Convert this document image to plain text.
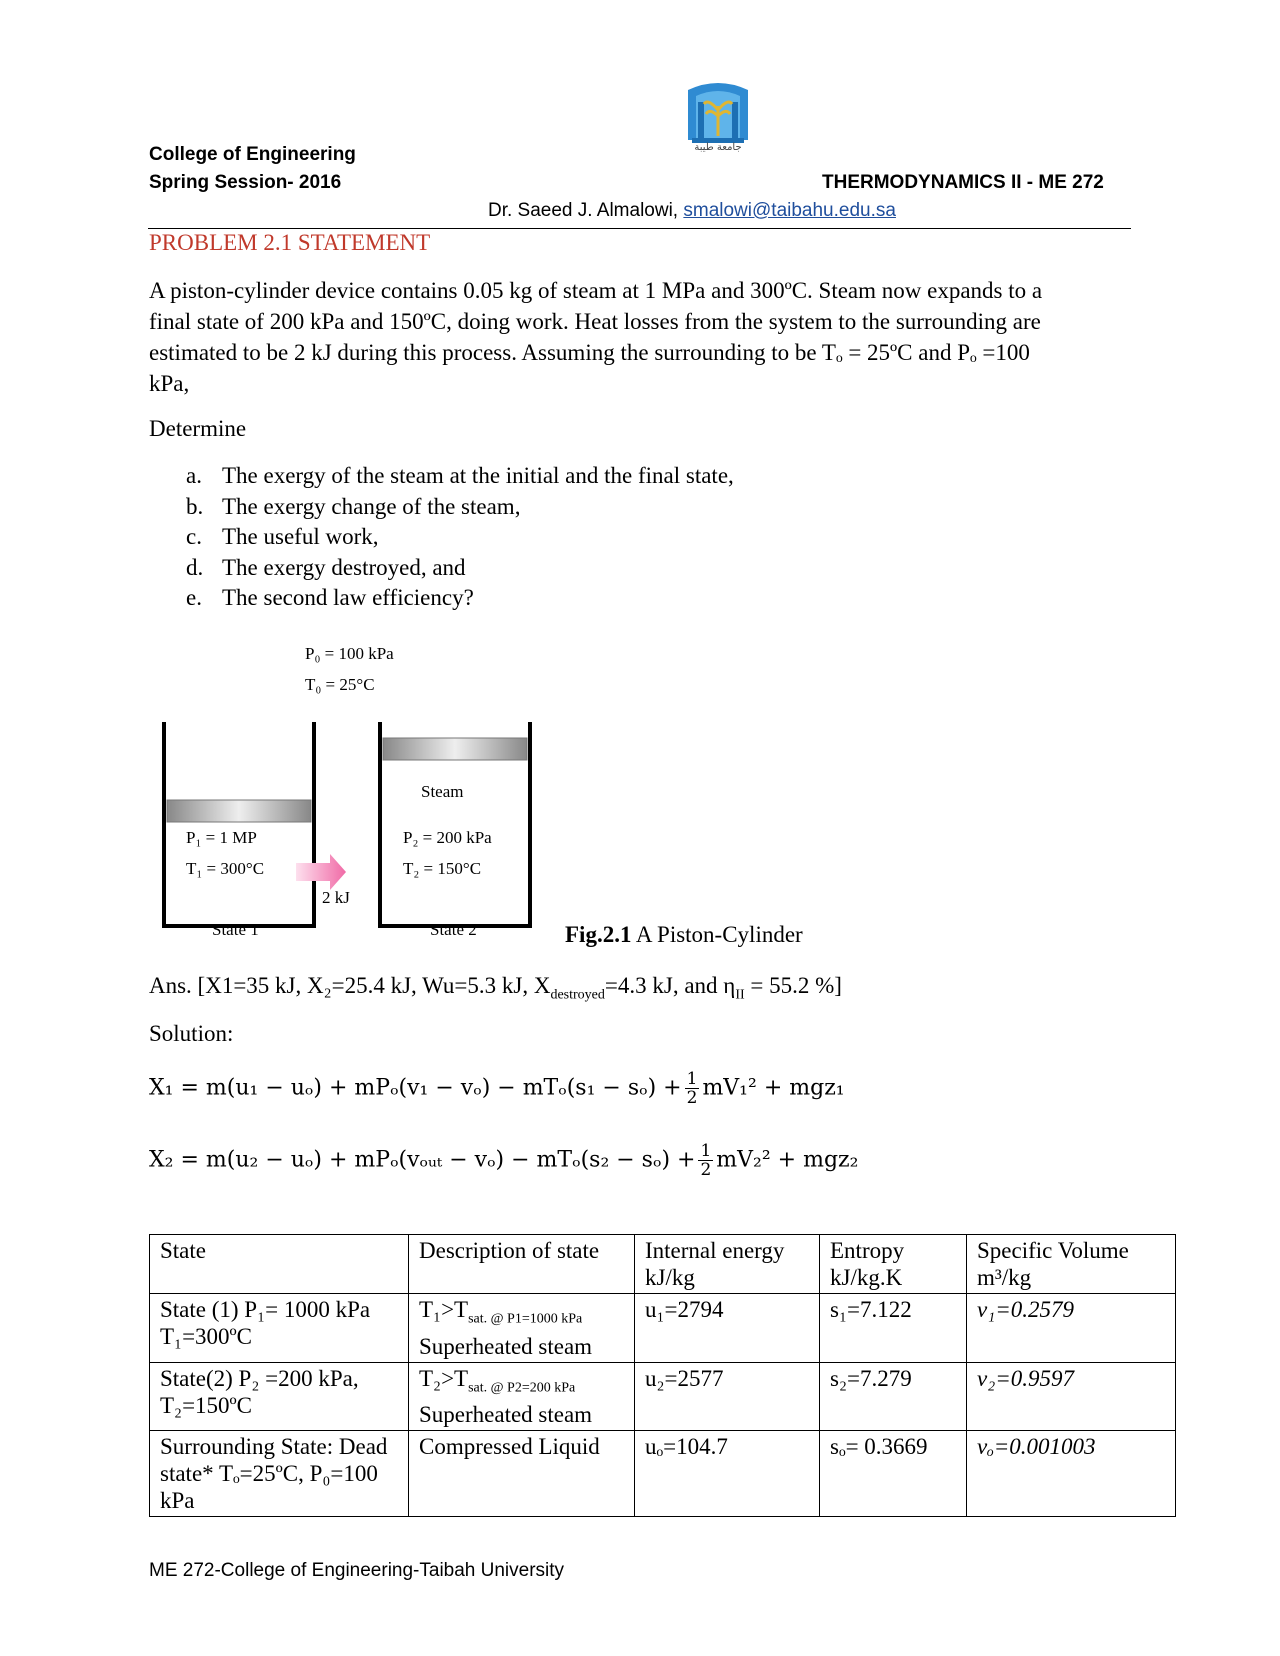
جامعة طيبة
College of Engineering
Spring Session- 2016	THERMODYNAMICS II - ME 272
Dr. Saeed J. Almalowi, smalowi@taibahu.edu.sa
PROBLEM 2.1 STATEMENT
A piston-cylinder device contains 0.05 kg of steam at 1 MPa and 300ºC. Steam now expands to a
final state of 200 kPa and 150ºC, doing work. Heat losses from the system to the surrounding are
estimated to be 2 kJ during this process. Assuming the surrounding to be Tₒ = 25ºC and Pₒ =100
kPa,
Determine
a. The exergy of the steam at the initial and the final state,
b. The exergy change of the steam,
c. The useful work,
d. The exergy destroyed, and
e. The second law efficiency?
P₀ = 100 kPa
T₀ = 25°C
P₁ = 1 MP
T₁ = 300°C
2 kJ
Steam
P₂ = 200 kPa
T₂ = 150°C
State 1	State 2	Fig.2.1 A Piston-Cylinder
Ans. [X1=35 kJ, X₂=25.4 kJ, Wu=5.3 kJ, $X_{destroyed}=4.3$ kJ, and $\eta_{II} = 55.2$ %]
Solution:
$X_1 = m(u_1 - u_o) + mP_o(v_1 - v_o) - mT_o(s_1 - s_o) + \frac{1}{2} mV_1^2 + mgz_1$
X₂ = m(u₂ − uₒ) + mPₒ(vₒᵤₜ − $v_o) - mT_o(s_2 - s_o) + \frac{1}{2} mV_2^2 + mgz_2$
State	Description of state	Internal energy kJ/kg	Entropy kJ/kg.K	Specific Volume m³/kg
State (1) P₁= 1000 kPa T₁=300ºC	$T_1>T_{sat. @ P1=1000 kPa}$
Superheated steam	u₁=2794	s₁=7.122	v₁=0.2579
State(2) P₂ =200 kPa, T₂=150ºC	$T_2>T_{sat. @ P2=200 kPa}$
Superheated steam	u₂=2577	s₂=7.279	v₂=0.9597
Surrounding State: Dead state* Tₒ=25ºC, P₀=100 kPa	Compressed Liquid	uₒ=104.7	sₒ= 0.3669	vₒ=0.001003
ME 272-College of Engineering-Taibah University
